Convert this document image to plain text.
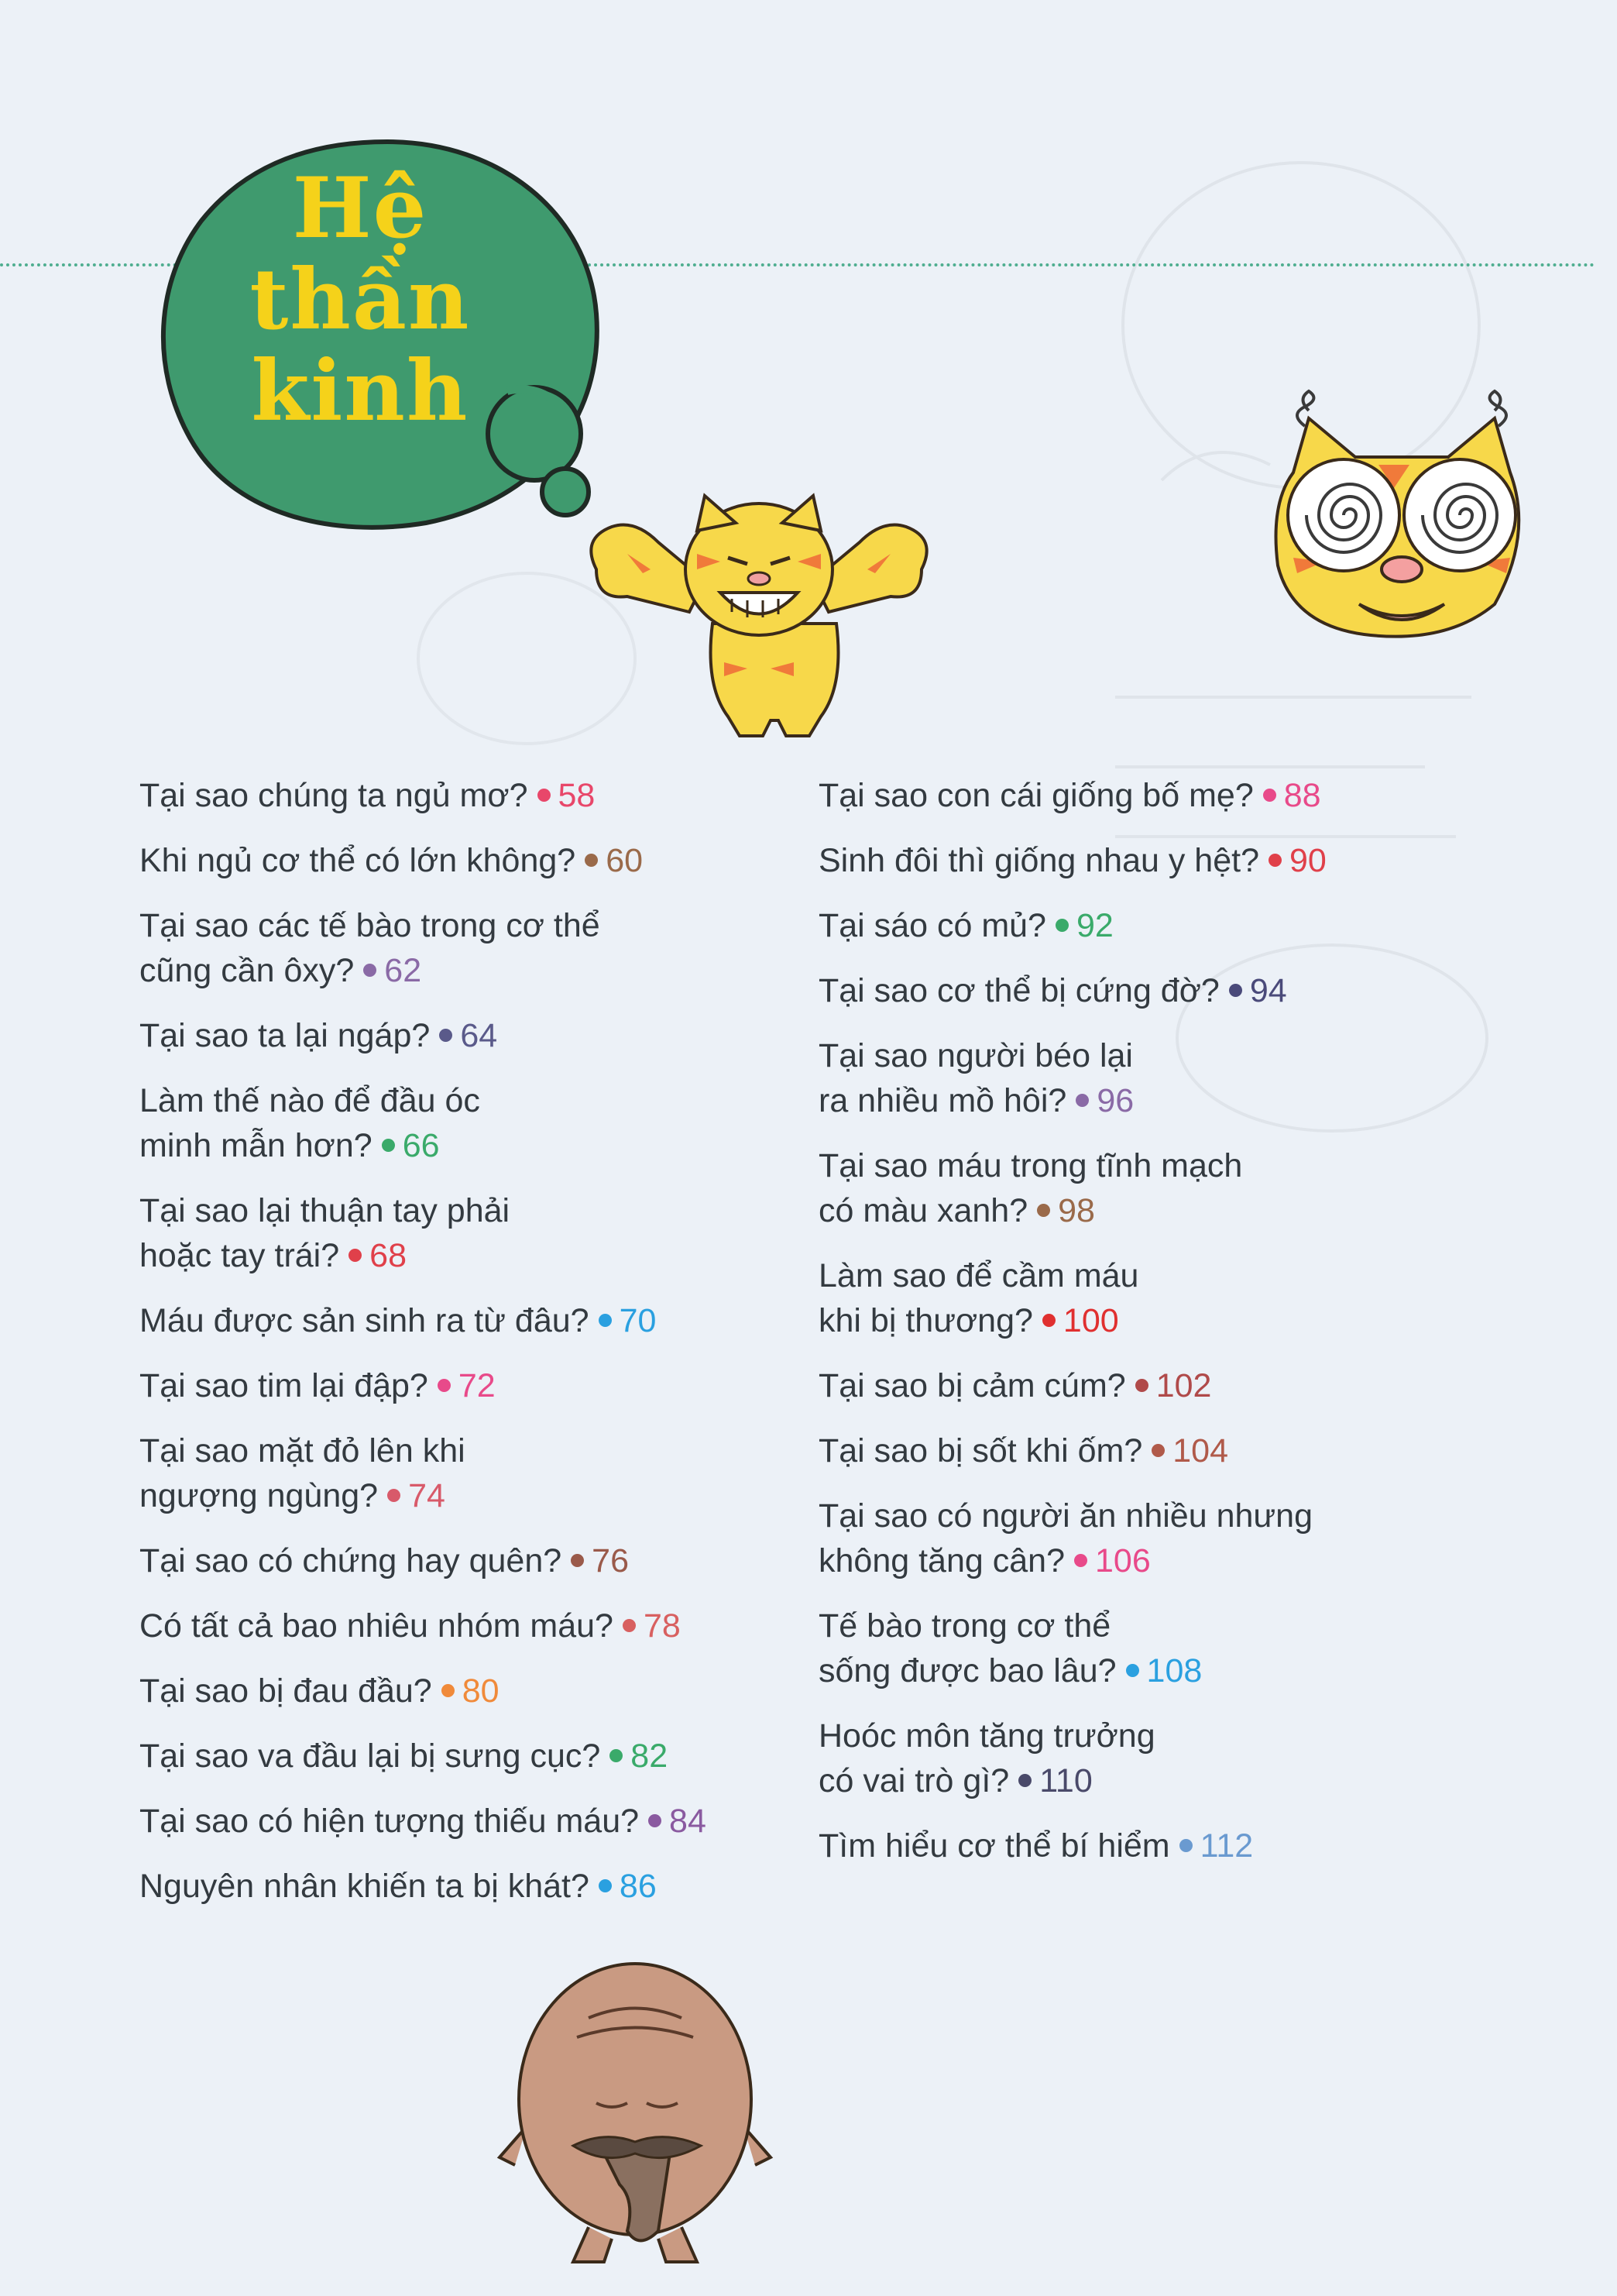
Hệ
thần
kinh
Tại sao chúng ta ngủ mơ? 58
Khi ngủ cơ thể có lớn không? 60
Tại sao các tế bào trong cơ thể
cũng cần ôxy? 62
Tại sao ta lại ngáp? 64
Làm thế nào để đầu óc
minh mẫn hơn? 66
Tại sao lại thuận tay phải
hoặc tay trái? 68
Máu được sản sinh ra từ đâu? 70
Tại sao tim lại đập? 72
Tại sao mặt đỏ lên khi
ngượng ngùng? 74
Tại sao có chứng hay quên? 76
Có tất cả bao nhiêu nhóm máu? 78
Tại sao bị đau đầu? 80
Tại sao va đầu lại bị sưng cục? 82
Tại sao có hiện tượng thiếu máu? 84
Nguyên nhân khiến ta bị khát? 86
Tại sao con cái giống bố mẹ? 88
Sinh đôi thì giống nhau y hệt? 90
Tại sáo có mủ? 92
Tại sao cơ thể bị cứng đờ? 94
Tại sao người béo lại
ra nhiều mồ hôi? 96
Tại sao máu trong tĩnh mạch
có màu xanh? 98
Làm sao để cầm máu
khi bị thương? 100
Tại sao bị cảm cúm? 102
Tại sao bị sốt khi ốm? 104
Tại sao có người ăn nhiều nhưng
không tăng cân? 106
Tế bào trong cơ thể
sống được bao lâu? 108
Hoóc môn tăng trưởng
có vai trò gì? 110
Tìm hiểu cơ thể bí hiểm 112
